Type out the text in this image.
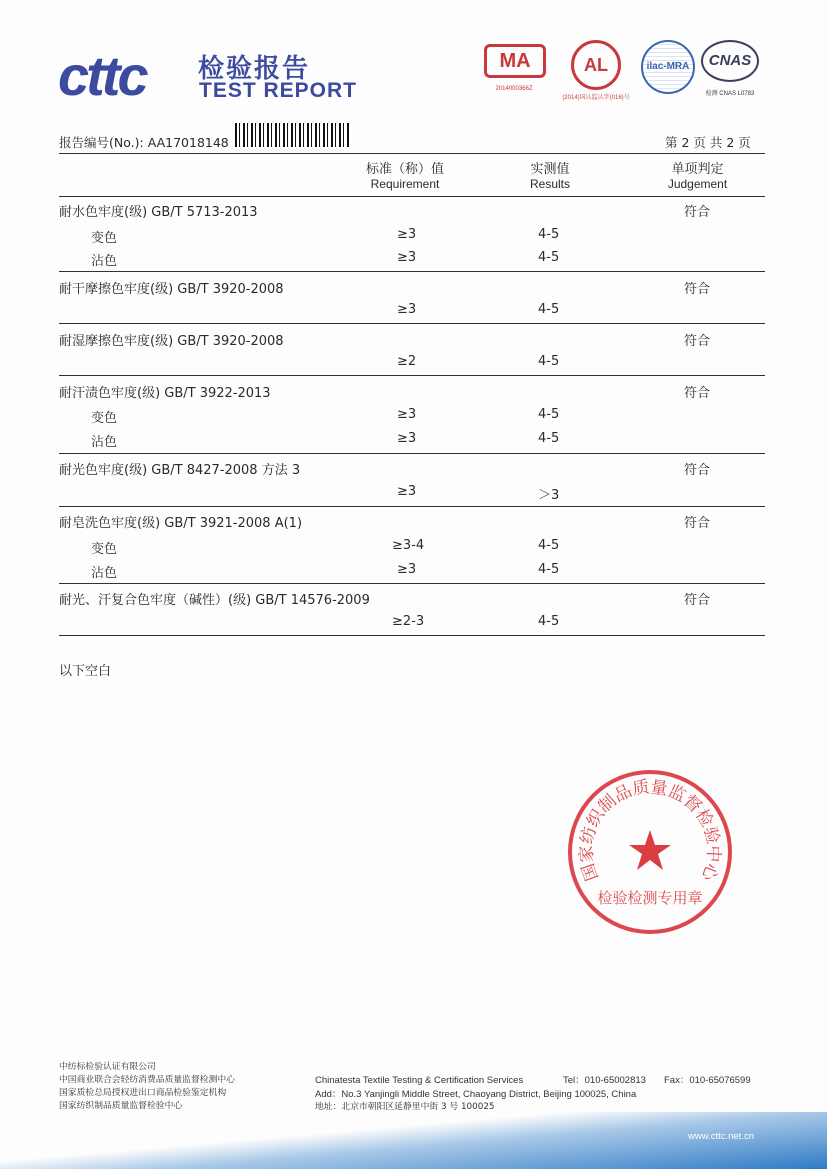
cttc 检验报告
TEST REPORT
MA
2014000366Z
AL
(2014)国认监认字(016)号
ilac-MRA	CNAS
检测 CNAS L0783
报告编号(No.): AA17018148	第 2 页 共 2 页
标准（称）值
Requirement
实测值
Results
单项判定
Judgement
耐水色牢度(级) GB/T 5713-2013	符合
变色	≥3	4-5
沾色	≥3	4-5
耐干摩擦色牢度(级) GB/T 3920-2008	符合
≥3	4-5
耐湿摩擦色牢度(级) GB/T 3920-2008	符合
≥2	4-5
耐汗渍色牢度(级) GB/T 3922-2013	符合
变色	≥3	4-5
沾色	≥3	4-5
耐光色牢度(级) GB/T 8427-2008 方法 3	符合
≥3	＞3
耐皂洗色牢度(级) GB/T 3921-2008 A(1)	符合
变色	≥3-4	4-5
沾色	≥3	4-5
耐光、汗复合色牢度（碱性）(级) GB/T 14576-2009	符合
≥2-3	4-5
以下空白
国家纺织制品质量监督检验中心
检验检测专用章
中纺标检验认证有限公司
中国商业联合会轻纺消费品质量监督检测中心
国家质检总局授权进出口商品检验鉴定机构
国家纺织制品质量监督检验中心
Chinatesta Textile Testing & Certification Services	Tel：010-65002813 Fax：010-65076599
Add：No.3 Yanjingli Middle Street, Chaoyang District, Beijing 100025, China
地址：北京市朝阳区延静里中街 3 号 100025
www.cttc.net.cn
